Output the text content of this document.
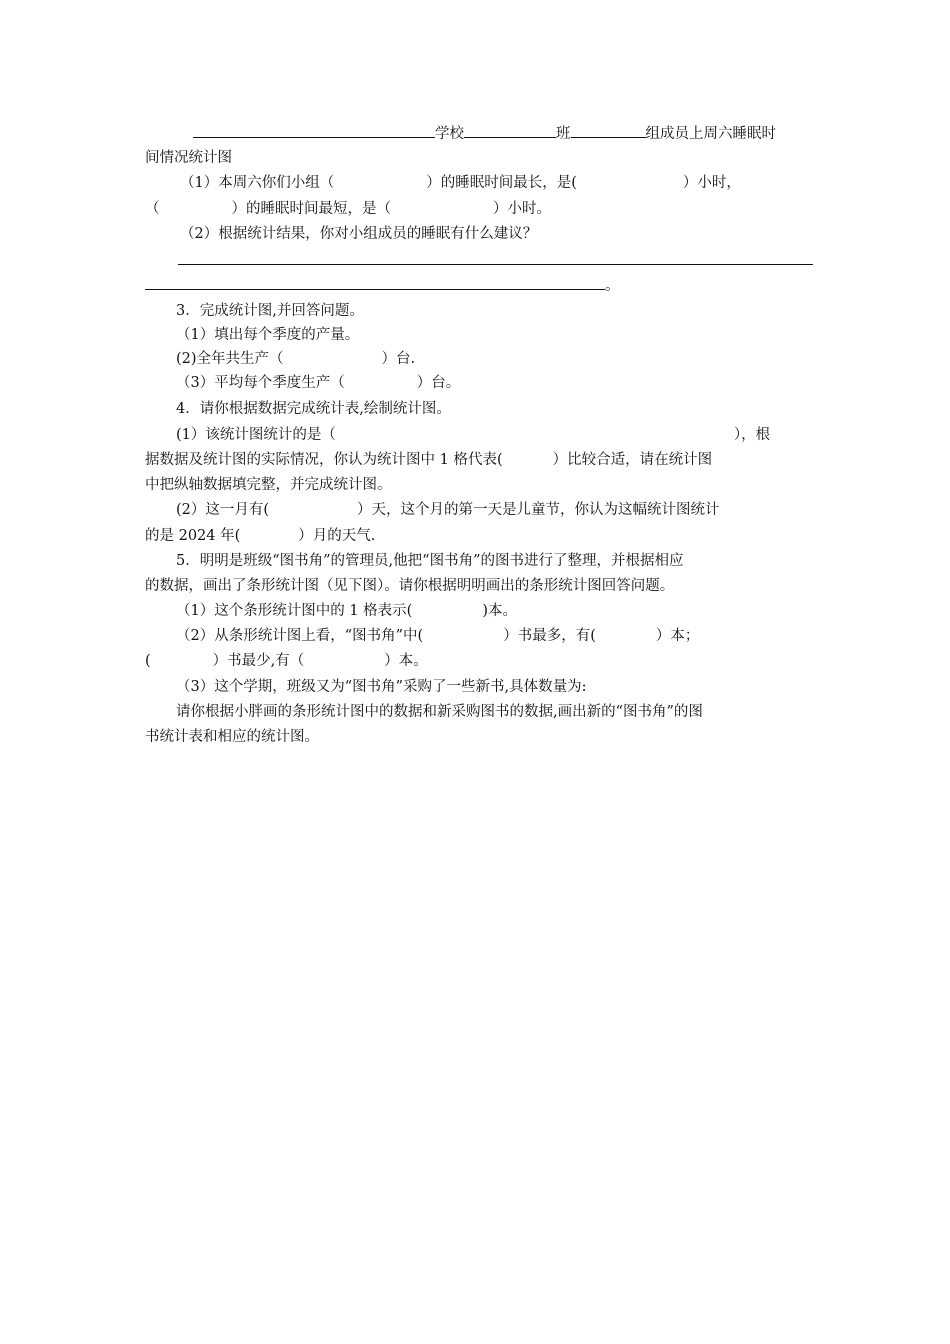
学校	班	组成员上周六睡眠时
间情况统计图
（1）本周六你们小组（	）的睡眠时间最长，是(	）小时，
（	）的睡眠时间最短，是（	）小时。
（2）根据统计结果，你对小组成员的睡眠有什么建议？
。
3．完成统计图,并回答问题。
（1）填出每个季度的产量。
(2)全年共生产（	）台.
（3）平均每个季度生产（	）台。
4．请你根据数据完成统计表,绘制统计图。
(1）该统计图统计的是（	），根
据数据及统计图的实际情况，你认为统计图中 1 格代表(	）比较合适，请在统计图
中把纵轴数据填完整，并完成统计图。
(2）这一月有(	）天，这个月的第一天是儿童节，你认为这幅统计图统计
的是 2024 年(	）月的天气.
5．明明是班级“图书角”的管理员,他把“图书角”的图书进行了整理，并根据相应
的数据，画出了条形统计图（见下图）。请你根据明明画出的条形统计图回答问题。
（1）这个条形统计图中的 1 格表示(	)本。
（2）从条形统计图上看，“图书角”中(	）书最多，有(	）本；
(	）书最少,有（	）本。
（3）这个学期，班级又为“图书角”采购了一些新书,具体数量为:
请你根据小胖画的条形统计图中的数据和新采购图书的数据,画出新的“图书角”的图
书统计表和相应的统计图。
